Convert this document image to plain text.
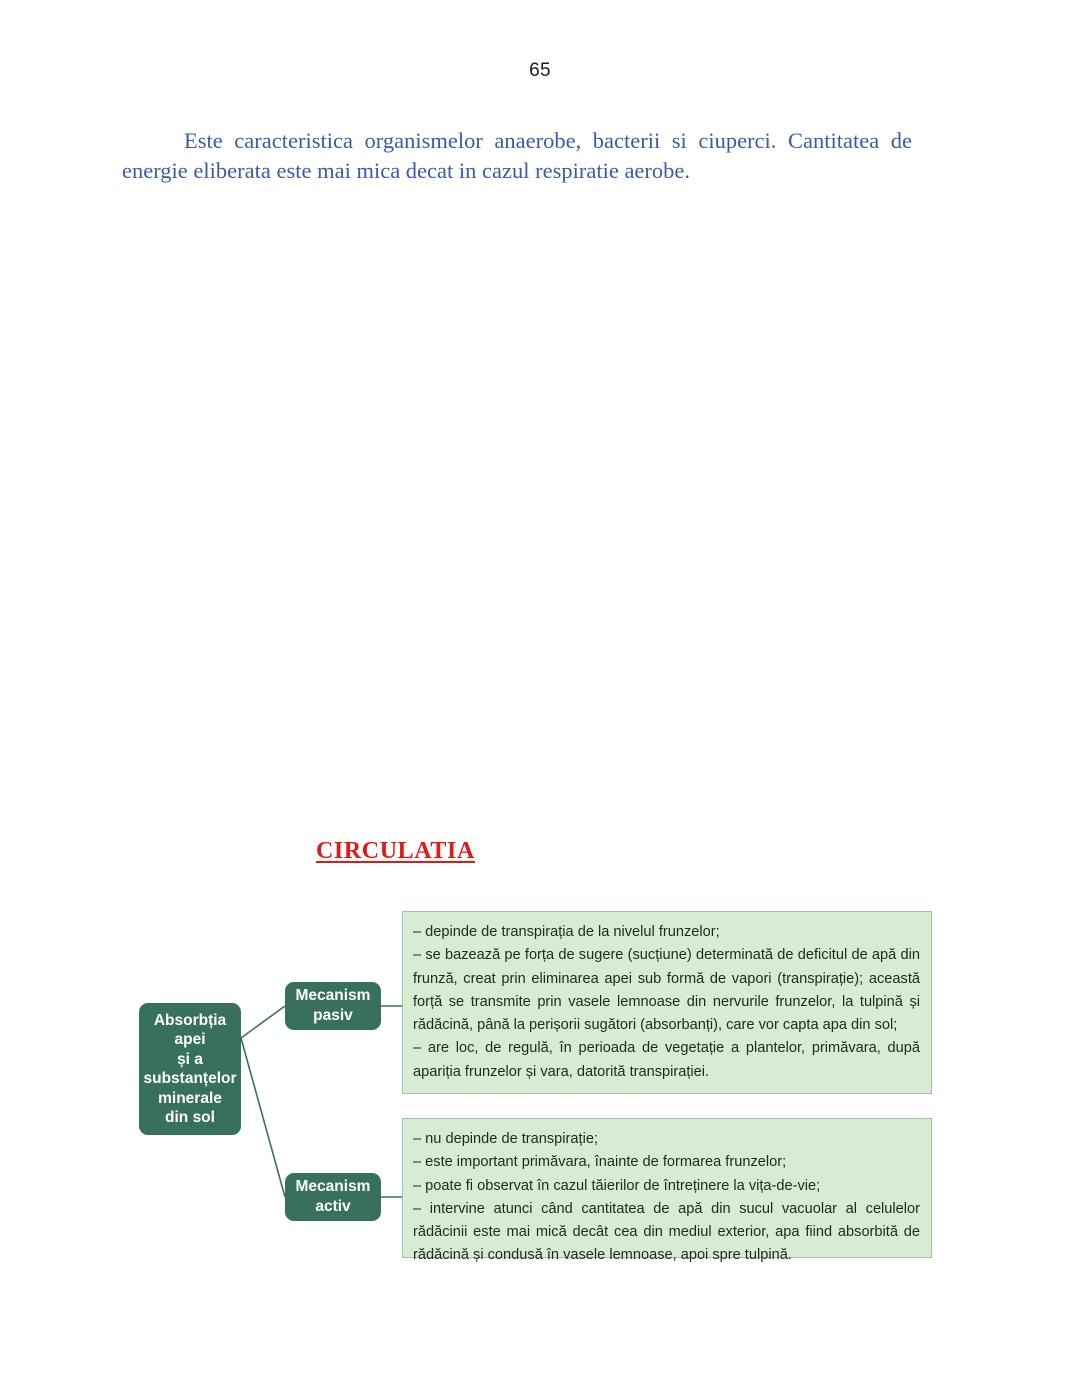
65
Este caracteristica organismelor anaerobe, bacterii si ciuperci. Cantitatea de energie eliberata este mai mica decat in cazul respiratie aerobe.
CIRCULATIA
Absorbția
apei
și a
substanțelor
minerale
din sol
Mecanism
pasiv
Mecanism
activ

– depinde de transpirația de la nivelul frunzelor;

– se bazează pe forța de sugere (sucțiune) determinată de deficitul de apă din frunză, creat prin eliminarea apei sub formă de vapori (transpirație); această forță se transmite prin vasele lemnoase din nervurile frunzelor, la tulpină și rădăcină, până la perișorii sugători (absorbanți), care vor capta apa din sol;

– are loc, de regulă, în perioada de vegetație a plantelor, primăvara, după apariția frunzelor și vara, datorită transpirației.

– nu depinde de transpirație;

– este important primăvara, înainte de formarea frunzelor;

– poate fi observat în cazul tăierilor de întreținere la vița-de-vie;

– intervine atunci când cantitatea de apă din sucul vacuolar al celulelor rădăcinii este mai mică decât cea din mediul exterior, apa fiind absorbită de rădăcină și condusă în vasele lemnoase, apoi spre tulpină.
